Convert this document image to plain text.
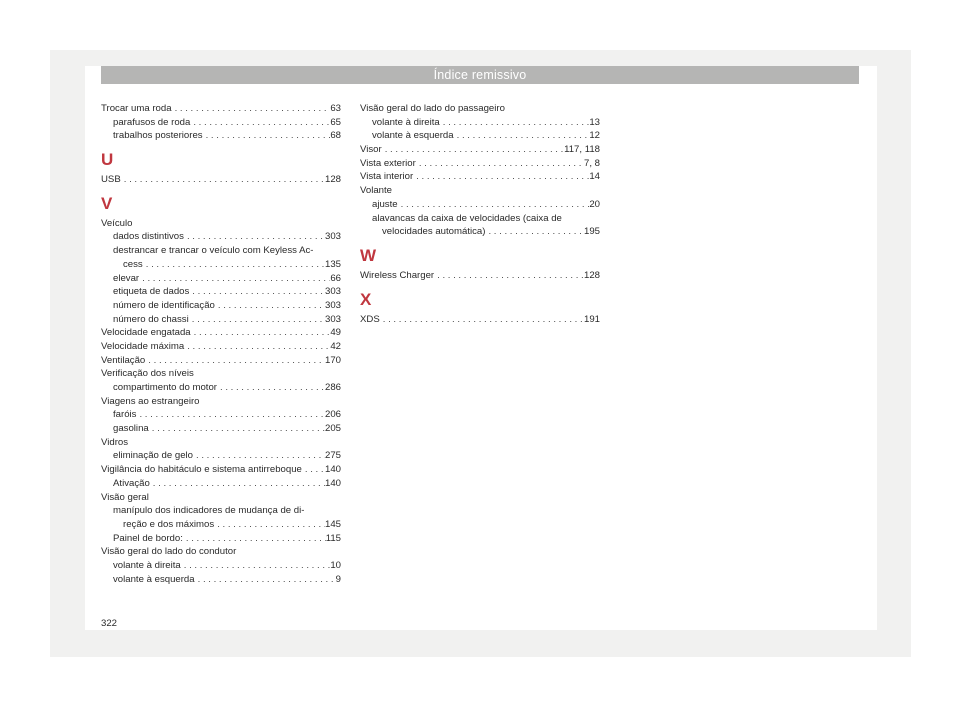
Índice remissivo
Trocar uma roda . . .	63
parafusos de roda . . .	65
trabalhos posteriores . . .	68
U
USB . . .	128
V
Veículo
dados distintivos . . .	303
destrancar e trancar o veículo com Keyless Ac-
cess . . .	135
elevar . . .	66
etiqueta de dados . . .	303
número de identificação . . .	303
número do chassi . . .	303
Velocidade engatada . . .	49
Velocidade máxima . . .	42
Ventilação . . .	170
Verificação dos níveis
compartimento do motor . . .	286
Viagens ao estrangeiro
faróis . . .	206
gasolina . . .	205
Vidros
eliminação de gelo . . .	275
Vigilância do habitáculo e sistema antirreboque . . . 140
Ativação . . .	140
Visão geral
manípulo dos indicadores de mudança de di-
reção e dos máximos . . .	145
Painel de bordo: . . .	115
Visão geral do lado do condutor
volante à direita . . .	10
volante à esquerda . . .	9
Visão geral do lado do passageiro
volante à direita . . .	13
volante à esquerda . . .	12
Visor . . .	117, 118
Vista exterior . . .	7, 8
Vista interior . . .	14
Volante
ajuste . . .	20
alavancas da caixa de velocidades (caixa de
velocidades automática) . . .	195
W
Wireless Charger . . .	128
X
XDS . . .	191
322
